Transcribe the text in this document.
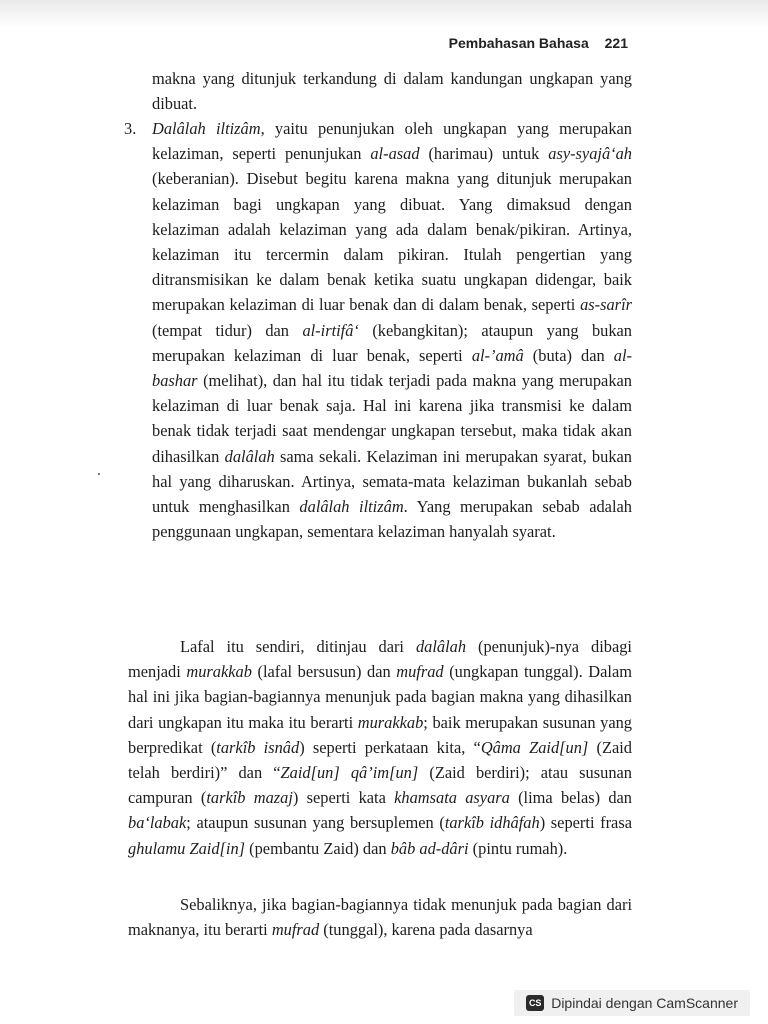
Pembahasan Bahasa 221

makna yang ditunjuk terkandung di dalam kandungan ungkapan yang dibuat.

3. Dalâlah iltizâm, yaitu penunjukan oleh ungkapan yang merupakan kelaziman, seperti penunjukan al-asad (harimau) untuk asy-syajâ‘ah (keberanian). Disebut begitu karena makna yang ditunjuk merupakan kelaziman bagi ungkapan yang dibuat. Yang dimaksud dengan kelaziman adalah kelaziman yang ada dalam benak/pikiran. Artinya, kelaziman itu tercermin dalam pikiran. Itulah pengertian yang ditransmisikan ke dalam benak ketika suatu ungkapan didengar, baik merupakan kelaziman di luar benak dan di dalam benak, seperti as-sarîr (tempat tidur) dan al-irtifâ‘ (kebangkitan); ataupun yang bukan merupakan kelaziman di luar benak, seperti al-’amâ (buta) dan al-bashar (melihat), dan hal itu tidak terjadi pada makna yang merupakan kelaziman di luar benak saja. Hal ini karena jika transmisi ke dalam benak tidak terjadi saat mendengar ungkapan tersebut, maka tidak akan dihasilkan dalâlah sama sekali. Kelaziman ini merupakan syarat, bukan hal yang diharuskan. Artinya, semata-mata kelaziman bukanlah sebab untuk menghasilkan dalâlah iltizâm. Yang merupakan sebab adalah penggunaan ungkapan, sementara kelaziman hanyalah syarat.

Lafal itu sendiri, ditinjau dari dalâlah (penunjuk)-nya dibagi menjadi murakkab (lafal bersusun) dan mufrad (ungkapan tunggal). Dalam hal ini jika bagian-bagiannya menunjuk pada bagian makna yang dihasilkan dari ungkapan itu maka itu berarti murakkab; baik merupakan susunan yang berpredikat (tarkîb isnâd) seperti perkataan kita, “Qâma Zaid[un] (Zaid telah berdiri)” dan “Zaid[un] qâ’im[un] (Zaid berdiri); atau susunan campuran (tarkîb mazaj) seperti kata khamsata asyara (lima belas) dan ba‘labak; ataupun susunan yang bersuplemen (tarkîb idhâfah) seperti frasa ghulamu Zaid[in] (pembantu Zaid) dan bâb ad-dâri (pintu rumah).

Sebaliknya, jika bagian-bagiannya tidak menunjuk pada bagian dari maknanya, itu berarti mufrad (tunggal), karena pada dasarnya

CS Dipindai dengan CamScanner
